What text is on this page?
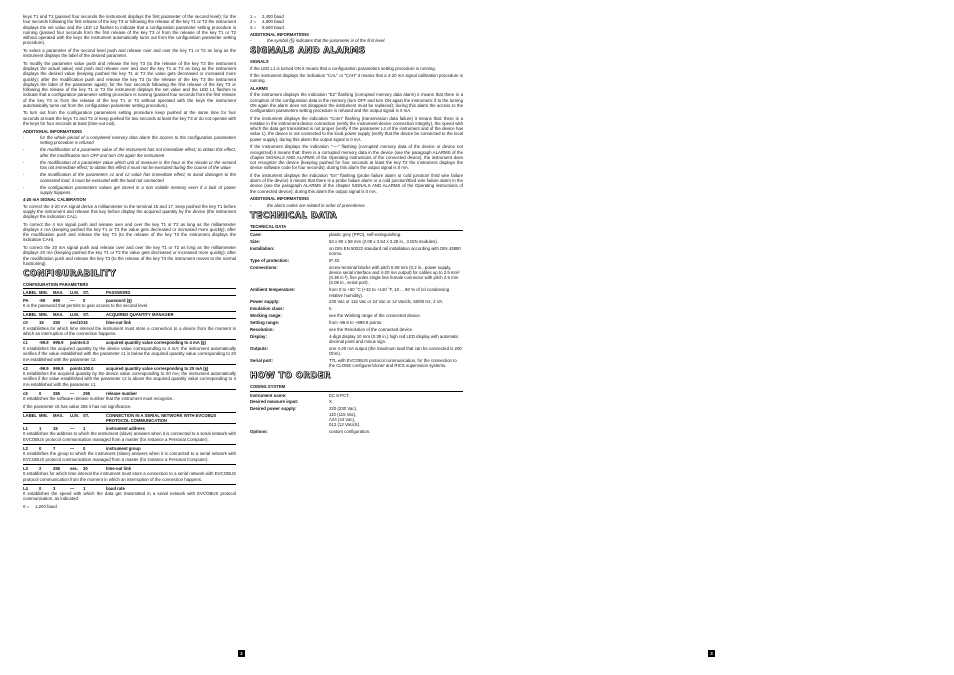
keys T1 and T2 (passed four seconds the instrument displays the first parameter of the second level); for the four seconds following the first release of the key T3 or following the release of the key T1 or T2 the instrument displays the set value and the LED L2 flashes to indicate that a configuration parameter setting procedure is running (passed four seconds from the first release of the key T3 or from the release of the key T1 or T2 without operated with the keys the instrument automatically turns out from the configuration parameter setting procedure).

To select a parameter of the second level push and release over and over the key T1 or T2 as long as the instrument displays the label of the desired parameter.

To modify the parameter value push and release the key T3 (to the release of the key T3 the instrument displays the actual value) and push and release over and over the key T1 or T2 as long as the instrument displays the desired value (keeping pushed the key T1 or T2 the value gets decreased or increased more quickly); after the modification push and release the key T3 (to the release of the key T3 the instrument displays the label of the parameter again); for the four seconds following the first release of the key T3 or following the release of the key T1 or T2 the instrument displays the set value and the LED L1 flashes to indicate that a configuration parameter setting procedure is running (passed four seconds from the first release of the key T3 or from the release of the key T1 or T2 without operated with the keys the instrument automatically turns out from the configuration parameter setting procedure).

To turn out from the configuration parameters setting procedure keep pushed at the same time for four seconds at least the keys T1 and T2 or keep pushed for two seconds at least the key T3 or do not operate with the keys for four seconds at least (time-out exit).

ADDITIONAL INFORMATIONS
-	for the whole period of a completed memory data alarm the access to the configuration parameters setting procedure is refused
-	the modification of a parameter value of the instrument has not immediate effect; to obtain this effect, after the modification turn OFF and turn ON again the instrument
-	the modification of a parameter value which unit of measure is the hour or the minute or the second has not immediate effect; to obtain this effect it must not be executed during the course of the value
-	the modification of the parameters c1 and c2 value has immediate effect; to avoid damages to the connected load, it must be executed with the load not connected
-	the configuration parameters values get stored in a non volatile memory even if a lack of power supply happens.
4-20 mA SIGNAL CALIBRATION

To correct the 4-20 mA signal derive a milliammeter to the terminal 15 and 17, keep pushed the key T1 before supply the instrument and release this key before display the acquired quantity by the device (the instrument displays the indication CAL).

To correct the 4 mA signal push and release over and over the key T1 or T2 as long as the milliammeter displays 4 mA (keeping pushed the key T1 or T2 the value gets decreased or increased more quickly); after the modification push and release the key T3 (to the release of the key T3 the instrument displays the indication CAH).

To correct the 20 mA signal push and release over and over the key T1 or T2 as long as the milliammeter displays 20 mA (keeping pushed the key T1 or T2 the value gets decreased or increased more quickly); after the modification push and release the key T3 (to the release of the key T3 the instrument moves to the normal functioning).

CONFIGURABILITY
CONFIGURATION PARAMETERS
LABEL MIN.	MAX.	U.M. ST.	PASSWORD
PA	-99	999	—	0	password (§)

It is the password that permits to gain access to the second level.

LABEL MIN.	MAX.	U.M. ST.	ACQUIRED QUANTITY MANAGER
c0	15	250	sec/10 15	time-out link

It establishes for which time interval the instrument must store a connection to a device from the moment in which an interruption of the connection happens.

c1	-99.9	999.9	points 0.0	acquired quantity value corresponding to 4 mA (§)

It establishes the acquired quantity by the device value corresponding to 4 mA; the instrument automatically verifies if the value established with the parameter c1 is below the acquired quantity value corresponding to 20 mA established with the parameter c2.

c2	-99.9	999.9	points 100.0	acquired quantity value corresponding to 20 mA (§)

It establishes the acquired quantity by the device value corresponding to 20 mA; the instrument automatically verifies if the value established with the parameter c2 is above the acquired quantity value corresponding to 4 mA established with the parameter c1.

c5	0	255	—	255	release number

It establishes the software release number that the instrument must recognize.

If the parameter c5 has value 255 it has not significance.

LABEL MIN.	MAX.	U.M. ST.	CONNECTION IN A SERIAL NETWORK WITH EVCOBUS PROTOCOL COMMUNICATION
L1	1	15	—	1	instrument address

It establishes the address to which the instrument (slave) answers when it is connected to a serial network with EVCOBUS protocol communication managed from a master (for instance a Personal Computer).

L2	0	7	—	0	instrument group

It establishes the group to which the instrument (slave) answers when it is connected to a serial network with EVCOBUS protocol communication managed from a master (for instance a Personal Computer).

L3	2	255	sec.	30	time-out link

It establishes for which time interval the instrument must store a connection to a serial network with EVCOBUS protocol communication from the moment in which an interruption of the connection happens.

L4	0	3	—	1	baud rate

It establishes the speed with which the data get transmitted in a serial network with EVCOBUS protocol communication, as indicated:

0 =	1,200 baud
2
1 =	2,400 baud
2 =	4,800 baud
3 =	9,600 baud.
ADDITIONAL INFORMATIONS
-	the symbol (§) indicates that the parameter is of the first level.
SIGNALS AND ALARMS
SIGNALS

If the LED L1 is turned ON it means that a configuration parameters setting procedure is running.

If the instrument displays the indication "CAL" or "CAH" it means that a 4-20 mA signal calibration procedure is running.

ALARMS

If the instrument displays the indication "E2" flashing (corrupted memory data alarm) it means that there is a corruption of the configuration data in the memory (turn OFF and turn ON again the instrument: if to the turning ON again the alarm does not disappear the instrument must be replaced); during this alarm the access to the configuration parameters setting procedure is refused and the output signal is 0 mA.

If the instrument displays the indication "Conn" flashing (transmission data failure) it means that: there is a mistake in the instrument-device connection (verify the instrument-device connection integrity), the speed with which the data get transmitted is not proper (verify if the parameter L4 of the instrument and of the device has value 1), the device is not connected to the local power supply (verify that the device be connected to the local power supply); during this alarm the output signal is 0 mA.

If the instrument displays the indication "----" flashing (corrupted memory data of the device or device not recognized) it means that: there is a corrupted memory data in the device (see the paragraph ALARMS of the chapter SIGNALS AND ALARMS of the Operating instructions of the connected device), the instrument does not recognize the device (keeping pushed for four seconds at least the key T2 the instrument displays the device software code for four seconds); during this alarm the output signal is 0 mA.

If the instrument displays the indication "Err" flashing (probe failure alarm or cold junction/ third wire failure alarm of the device) it means that there is a probe failure alarm or a cold junction/third wire failure alarm in the device (see the paragraph ALARMS of the chapter SIGNALS AND ALARMS of the Operating instructions of the connected device); during this alarm the output signal is 0 mA.

ADDITIONAL INFORMATIONS
-	the alarm codes are related in order of precedence.
TECHNICAL DATA
TECHNICAL DATA
Case:	plastic grey (PPO), self-extinguishing.
Size:	53 x 90 x 58 mm (2.08 x 3.54 x 2.28 in., 3 DIN modules).
Installation:	on DIN EN 50022 standard rail installation according with DIN 43880 norms.
Type of protection:	IP 40.
Connections:	screw terminal blocks with pitch 5.08 mm (0.2 in., power supply, device serial interface and 4-20 mA output) for cables up to 2.5 mm² (0.38 in.²), five poles single line female connector with pitch 2.5 mm (0.09 in., serial port).
Ambient temperature:	from 0 to +60 °C (+32 to +140 °F, 10 ... 90 % of rel condensing relative humidity).
Power supply:	230 Vac or 115 Vac or 24 Vac or 12 Vac/dc, 50/60 Hz, 2 VA.
Insulation class:	II.
Working range:	see the Working range of the connected device.
Setting range:	from -99.9 to +999.9 points.
Resolution:	see the Resolution of the connected device.
Display:	4-digit display 10 mm (0.39 in.) high red LED display with automatic decimal point and minus sign.
Outputs:	one 4-20 mA output (the maximum load that can be connected is 200 Ohm).
Serial port:	TTL with EVCOBUS protocol communication, for the connection to the CLONE configurer/cloner and RICS supervision systems.
HOW TO ORDER
CODING SYSTEM
Instrument name:	EC 8-PCT.
Desired measure input:	X.
Desired power supply:	220 (230 Vac),
110 (115 Vac),
A24 (24 Vac),
012 (12 Vac/dc).
Options:	custom configuration.
3
